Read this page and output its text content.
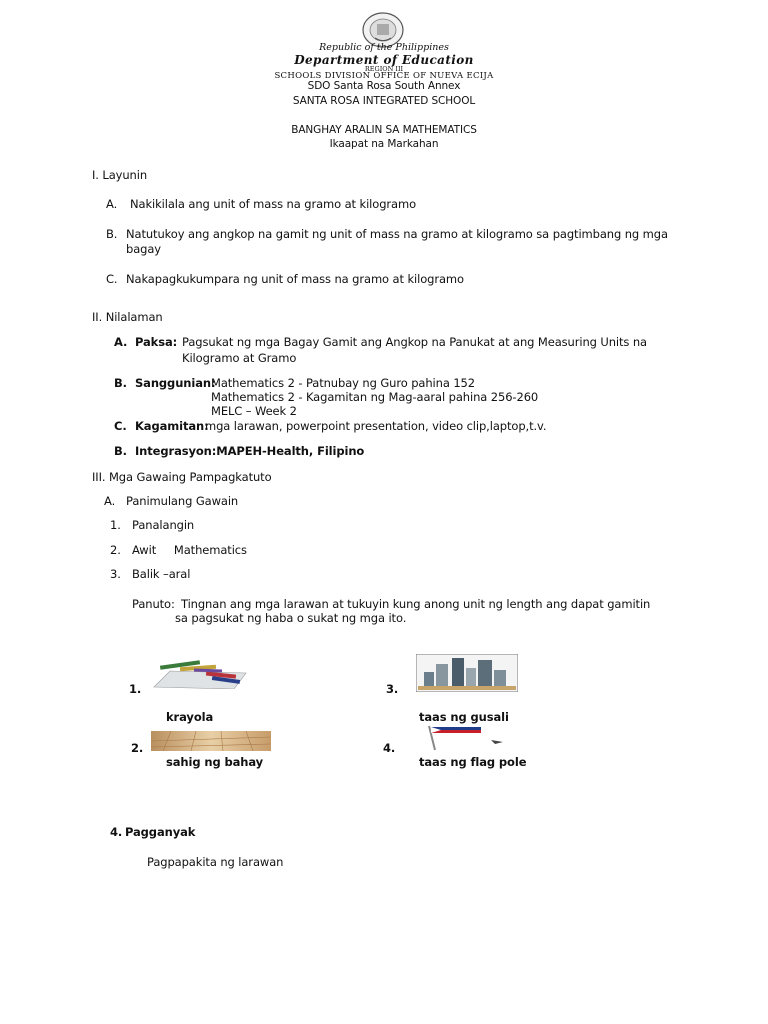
Republic of the Philippines
Department of Education
REGION III
SCHOOLS DIVISION OFFICE OF NUEVA ECIJA
SDO Santa Rosa South Annex
SANTA ROSA INTEGRATED SCHOOL
BANGHAY ARALIN SA MATHEMATICS
Ikaapat na Markahan
I. Layunin
A. Nakikilala ang unit of mass na gramo at kilogramo
B. Natutukoy ang angkop na gamit ng unit of mass na gramo at kilogramo sa pagtimbang ng mga
bagay
C. Nakapagkukumpara ng unit of mass na gramo at kilogramo
II. Nilalaman
A. Paksa: Pagsukat ng mga Bagay Gamit ang Angkop na Panukat at ang Measuring Units na
Kilogramo at Gramo
B. Sanggunian:
Mathematics 2 - Patnubay ng Guro pahina 152
Mathematics 2 - Kagamitan ng Mag-aaral pahina 256-260
MELC – Week 2
C. Kagamitan:
mga larawan, powerpoint presentation, video clip,laptop,t.v.
B. Integrasyon:MAPEH-Health, Filipino
III. Mga Gawaing Pampagkatuto
A. Panimulang Gawain
1. Panalangin
2. Awit     Mathematics
3. Balik –aral
Panuto: Tingnan ang mga larawan at tukuyin kung anong unit ng length ang dapat gamitin
sa pagsukat ng haba o sukat ng mga ito.
1.
krayola
2.
sahig ng bahay
3.
taas ng gusali
4.
taas ng flag pole
4. Pagganyak
Pagpapakita ng larawan
